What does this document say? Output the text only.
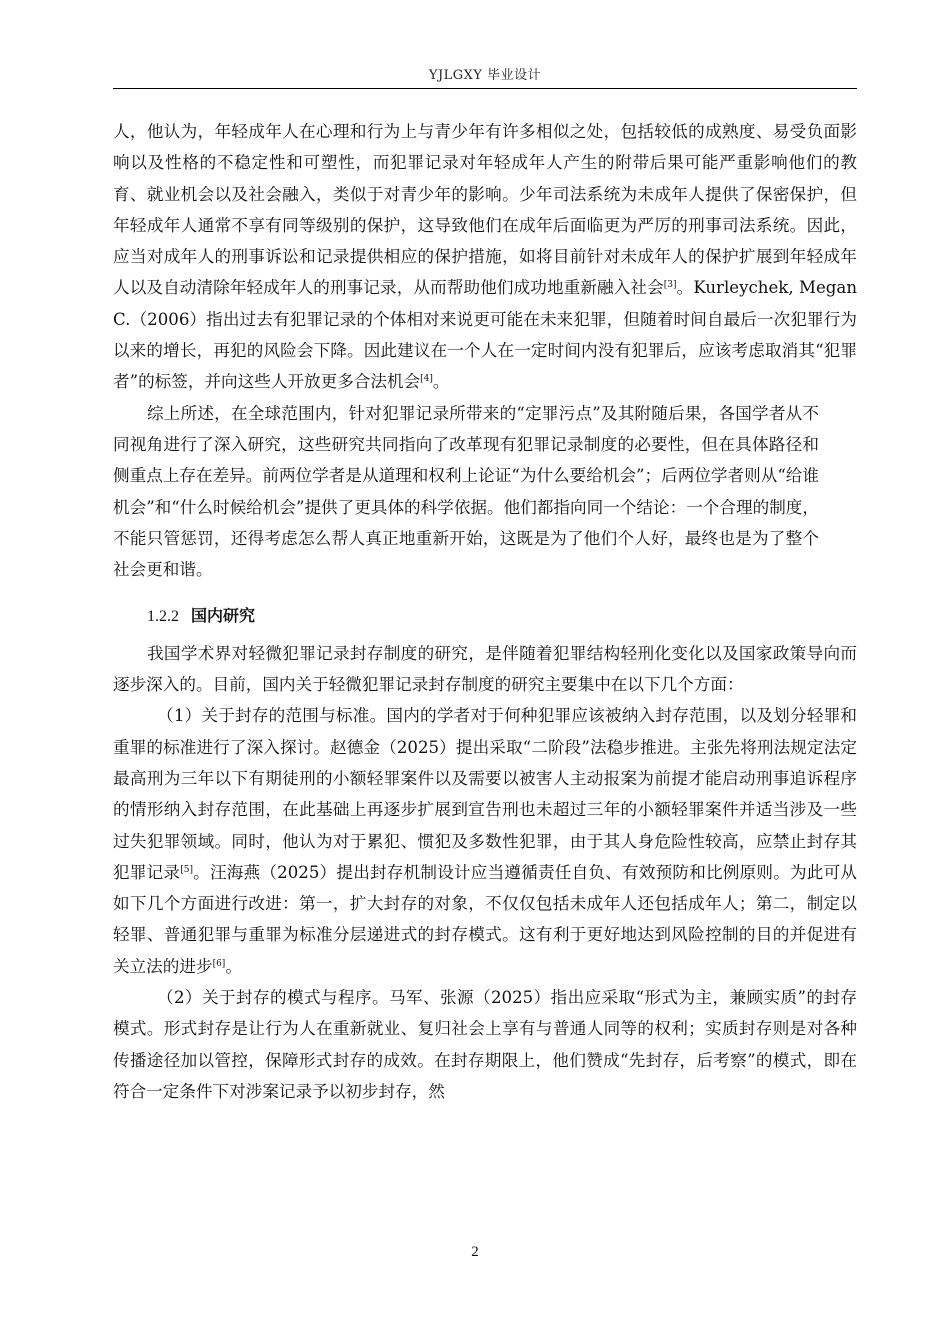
YJLGXY 毕业设计

人，他认为，年轻成年人在心理和行为上与青少年有许多相似之处，包括较低的成熟度、易受负面影响以及性格的不稳定性和可塑性，而犯罪记录对年轻成年人产生的附带后果可能严重影响他们的教育、就业机会以及社会融入，类似于对青少年的影响。少年司法系统为未成年人提供了保密保护，但年轻成年人通常不享有同等级别的保护，这导致他们在成年后面临更为严厉的刑事司法系统。因此，应当对成年人的刑事诉讼和记录提供相应的保护措施，如将目前针对未成年人的保护扩展到年轻成年人以及自动清除年轻成年人的刑事记录，从而帮助他们成功地重新融入社会[3]。Kurleychek, Megan C.（2006）指出过去有犯罪记录的个体相对来说更可能在未来犯罪，但随着时间自最后一次犯罪行为以来的增长，再犯的风险会下降。因此建议在一个人在一定时间内没有犯罪后，应该考虑取消其“犯罪者”的标签，并向这些人开放更多合法机会[4]。

综上所述，在全球范围内，针对犯罪记录所带来的“定罪污点”及其附随后果，各国学者从不同视角进行了深入研究，这些研究共同指向了改革现有犯罪记录制度的必要性，但在具体路径和侧重点上存在差异。前两位学者是从道理和权利上论证“为什么要给机会”；后两位学者则从“给谁机会”和“什么时候给机会”提供了更具体的科学依据。他们都指向同一个结论：一个合理的制度，不能只管惩罚，还得考虑怎么帮人真正地重新开始，这既是为了他们个人好，最终也是为了整个社会更和谐。

1.2.2 国内研究

我国学术界对轻微犯罪记录封存制度的研究，是伴随着犯罪结构轻刑化变化以及国家政策导向而逐步深入的。目前，国内关于轻微犯罪记录封存制度的研究主要集中在以下几个方面：

（1）关于封存的范围与标准。国内的学者对于何种犯罪应该被纳入封存范围，以及划分轻罪和重罪的标准进行了深入探讨。赵德金（2025）提出采取“二阶段”法稳步推进。主张先将刑法规定法定最高刑为三年以下有期徒刑的小额轻罪案件以及需要以被害人主动报案为前提才能启动刑事追诉程序的情形纳入封存范围，在此基础上再逐步扩展到宣告刑也未超过三年的小额轻罪案件并适当涉及一些过失犯罪领域。同时，他认为对于累犯、惯犯及多数性犯罪，由于其人身危险性较高，应禁止封存其犯罪记录[5]。汪海燕（2025）提出封存机制设计应当遵循责任自负、有效预防和比例原则。为此可从如下几个方面进行改进：第一，扩大封存的对象，不仅仅包括未成年人还包括成年人；第二，制定以轻罪、普通犯罪与重罪为标准分层递进式的封存模式。这有利于更好地达到风险控制的目的并促进有关立法的进步[6]。

（2）关于封存的模式与程序。马军、张源（2025）指出应采取“形式为主，兼顾实质”的封存模式。形式封存是让行为人在重新就业、复归社会上享有与普通人同等的权利；实质封存则是对各种传播途径加以管控，保障形式封存的成效。在封存期限上，他们赞成“先封存，后考察”的模式，即在符合一定条件下对涉案记录予以初步封存，然

2
